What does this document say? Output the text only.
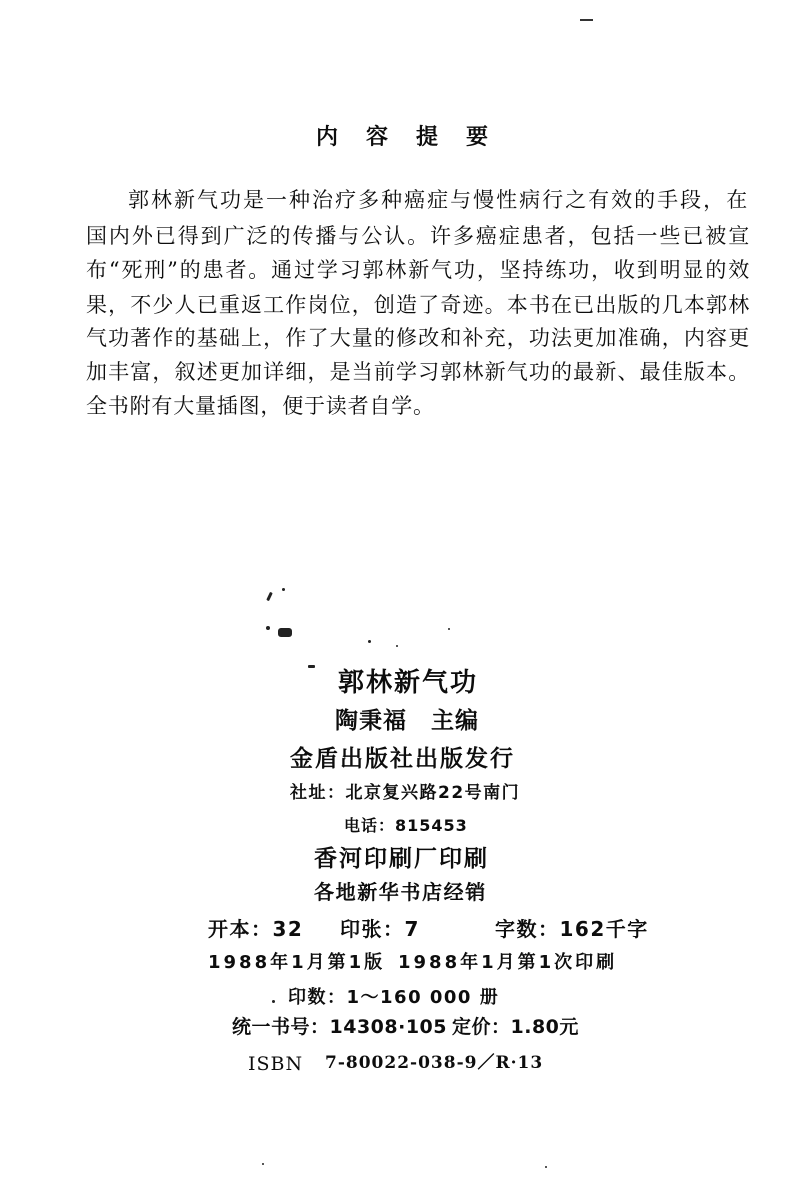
内容提要
郭林新气功是一种治疗多种癌症与慢性病行之有效的手段，在
国内外已得到广泛的传播与公认。许多癌症患者，包括一些已被宣
布“死刑”的患者。通过学习郭林新气功，坚持练功，收到明显的效
果，不少人已重返工作岗位，创造了奇迹。本书在已出版的几本郭林
气功著作的基础上，作了大量的修改和补充，功法更加准确，内容更
加丰富，叙述更加详细，是当前学习郭林新气功的最新、最佳版本。
全书附有大量插图，便于读者自学。
郭林新气功
陶秉福　主编
金盾出版社出版发行
社址：北京复兴路22号南门
电话：815453
香河印刷厂印刷
各地新华书店经销
开本：32 印张：7	字数：162千字
1988年1月第1版 1988年1月第1次印刷
印数：1～160 000 册
统一书号：14308·105 定价：1.80元
ISBN 7-80022-038-9／R·13
